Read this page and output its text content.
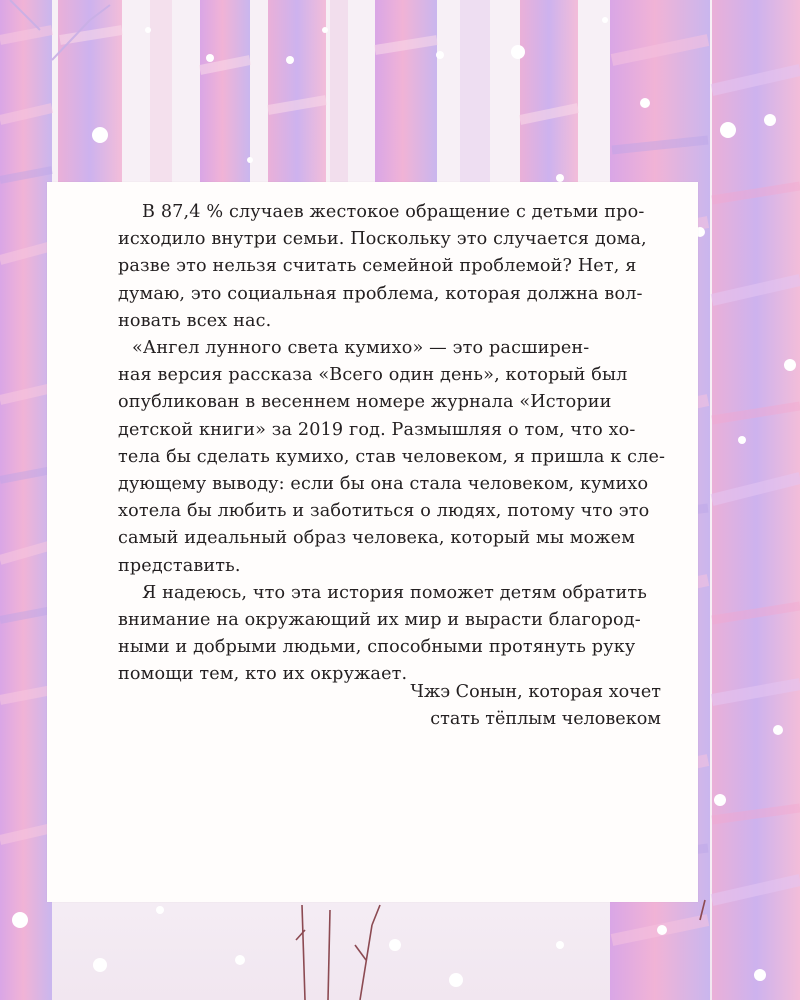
В 87,4 % случаев жестокое обращение с детьми про-
исходило внутри семьи. Поскольку это случается дома,
разве это нельзя считать семейной проблемой? Нет, я
думаю, это социальная проблема, которая должна вол-
новать всех нас.

«Ангел лунного света кумихо» — это расширен-
ная версия рассказа «Всего один день», который был
опубликован в весеннем номере журнала «Истории
детской книги» за 2019 год. Размышляя о том, что хо-
тела бы сделать кумихо, став человеком, я пришла к сле-
дующему выводу: если бы она стала человеком, кумихо
хотела бы любить и заботиться о людях, потому что это
самый идеальный образ человека, который мы можем
представить.

Я надеюсь, что эта история поможет детям обратить
внимание на окружающий их мир и вырасти благород-
ными и добрыми людьми, способными протянуть руку
помощи тем, кто их окружает.

Чжэ Сонын, которая хочет
стать тёплым человеком
